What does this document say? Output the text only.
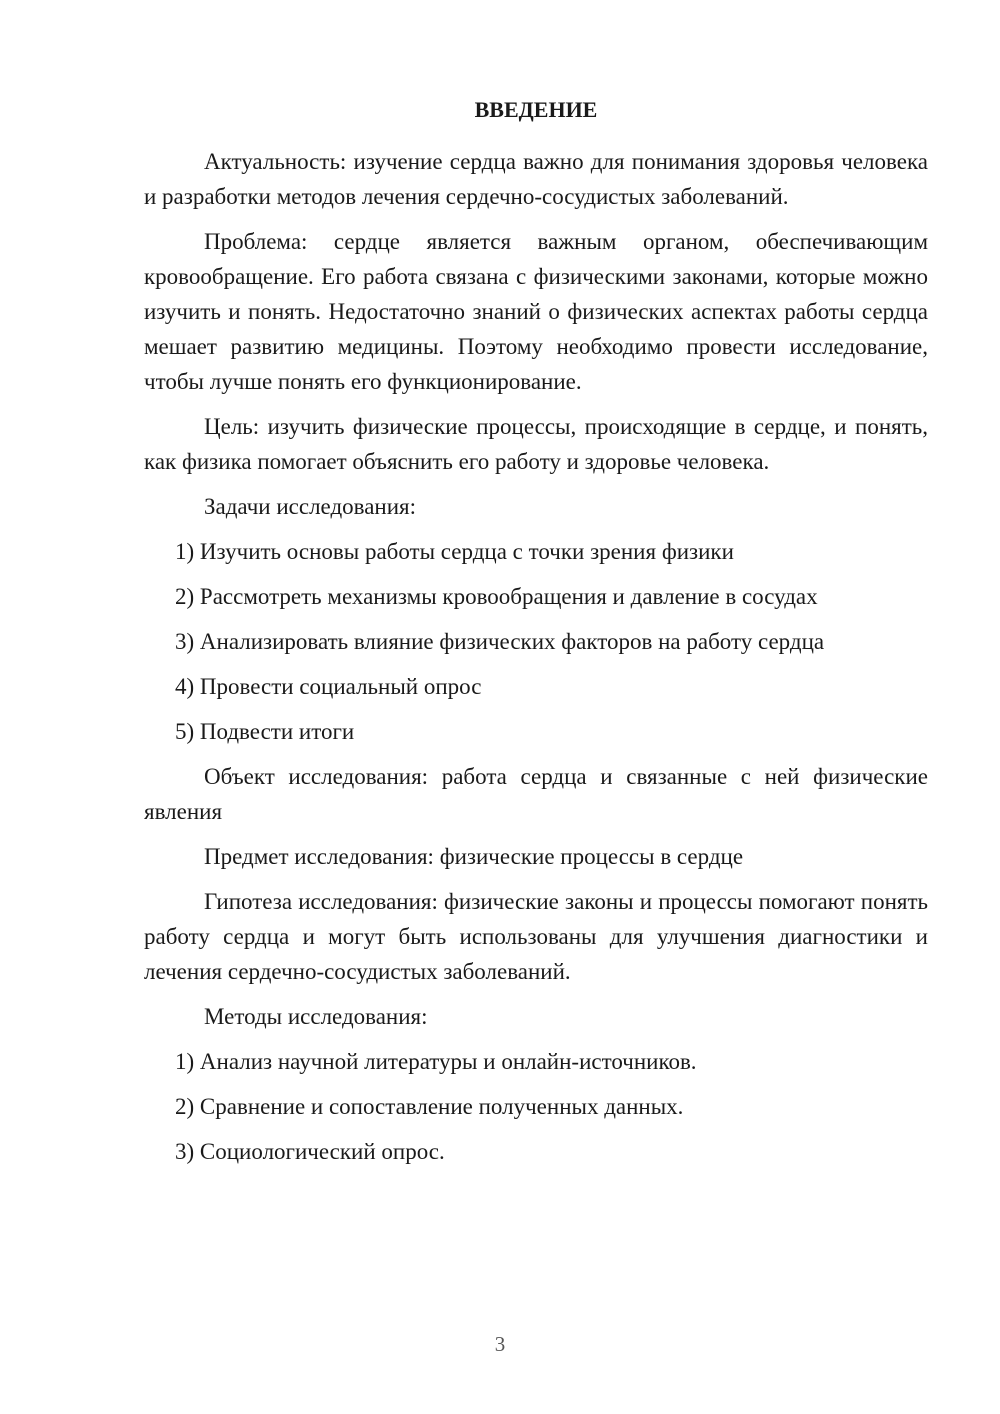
ВВЕДЕНИЕ

Актуальность: изучение сердца важно для понимания здоровья человека и разработки методов лечения сердечно-сосудистых заболеваний.

Проблема: сердце является важным органом, обеспечивающим кровообращение. Его работа связана с физическими законами, которые можно изучить и понять. Недостаточно знаний о физических аспектах работы сердца мешает развитию медицины. Поэтому необходимо провести исследование, чтобы лучше понять его функционирование.

Цель: изучить физические процессы, происходящие в сердце, и понять, как физика помогает объяснить его работу и здоровье человека.

Задачи исследования:

1) Изучить основы работы сердца с точки зрения физики

2) Рассмотреть механизмы кровообращения и давление в сосудах

3) Анализировать влияние физических факторов на работу сердца

4) Провести социальный опрос

5) Подвести итоги

Объект исследования: работа сердца и связанные с ней физические явления

Предмет исследования: физические процессы в сердце

Гипотеза исследования: физические законы и процессы помогают понять работу сердца и могут быть использованы для улучшения диагностики и лечения сердечно-сосудистых заболеваний.

Методы исследования:

1) Анализ научной литературы и онлайн-источников.

2) Сравнение и сопоставление полученных данных.

3) Социологический опрос.

3
